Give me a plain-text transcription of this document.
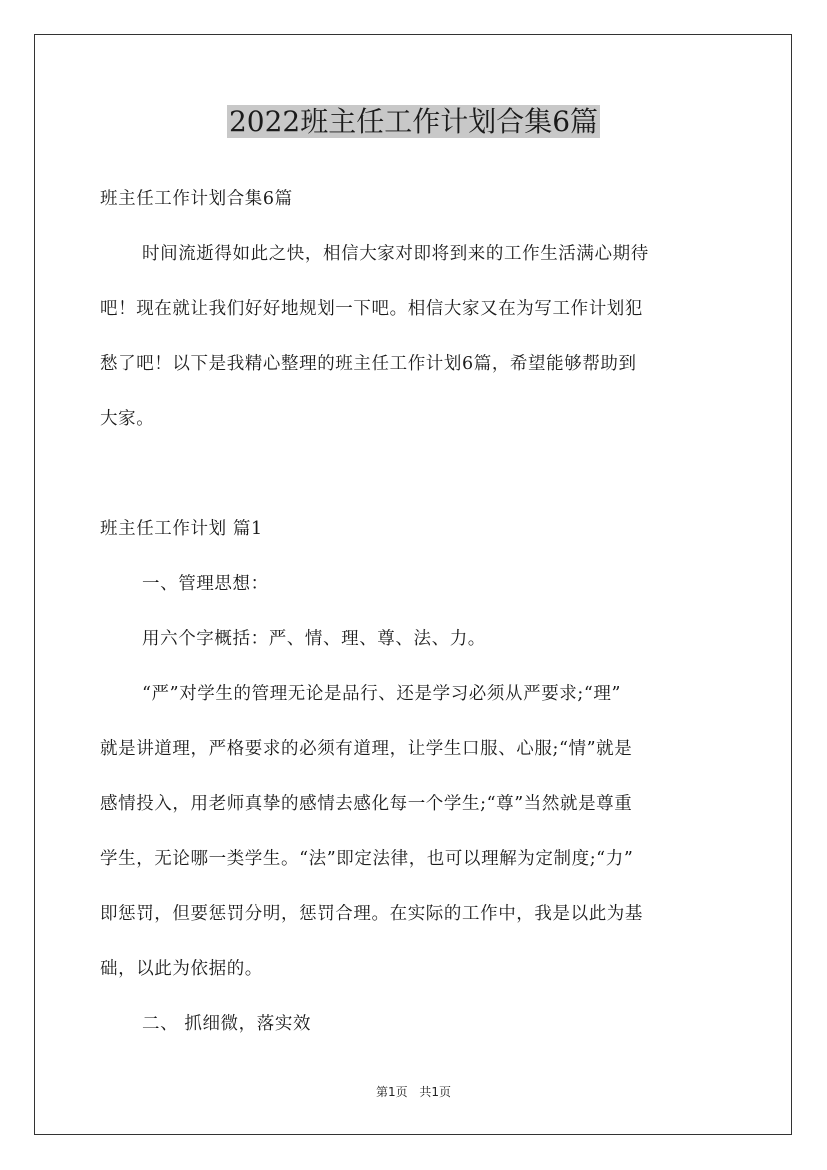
2022班主任工作计划合集6篇

班主任工作计划合集6篇

时间流逝得如此之快，相信大家对即将到来的工作生活满心期待

吧！现在就让我们好好地规划一下吧。相信大家又在为写工作计划犯

愁了吧！以下是我精心整理的班主任工作计划6篇，希望能够帮助到

大家。

班主任工作计划 篇1

一、管理思想：

用六个字概括：严、情、理、尊、法、力。

“严”对学生的管理无论是品行、还是学习必须从严要求;“理”

就是讲道理，严格要求的必须有道理，让学生口服、心服;“情”就是

感情投入，用老师真挚的感情去感化每一个学生;“尊”当然就是尊重

学生，无论哪一类学生。“法”即定法律，也可以理解为定制度;“力”

即惩罚，但要惩罚分明，惩罚合理。在实际的工作中，我是以此为基

础，以此为依据的。

二、 抓细微，落实效

第1页 共1页
